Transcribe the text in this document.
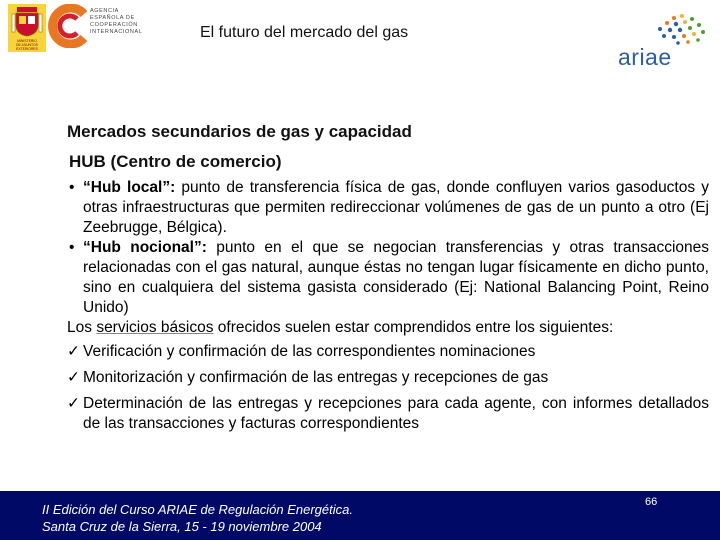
MINISTERIO
DE ASUNTOS
EXTERIORES
AGENCIA
ESPAÑOLA DE
COOPERACIÓN
INTERNACIONAL	El futuro del mercado del gas
ariae

Mercados secundarios de gas y capacidad

HUB (Centro de comercio)

• “Hub local”: punto de transferencia física de gas, donde confluyen varios gasoductos y otras infraestructuras que permiten redireccionar volúmenes de gas de un punto a otro (Ej Zeebrugge, Bélgica).
• “Hub nocional”: punto en el que se negocian transferencias y otras transacciones relacionadas con el gas natural, aunque éstas no tengan lugar físicamente en dicho punto, sino en cualquiera del sistema gasista considerado (Ej: National Balancing Point, Reino Unido)
Los servicios básicos ofrecidos suelen estar comprendidos entre los siguientes:
✓ Verificación y confirmación de las correspondientes nominaciones
✓ Monitorización y confirmación de las entregas y recepciones de gas
✓ Determinación de las entregas y recepciones para cada agente, con informes detallados de las transacciones y facturas correspondientes
II Edición del Curso ARIAE de Regulación Energética.
Santa Cruz de la Sierra, 15 - 19 noviembre 2004
66
